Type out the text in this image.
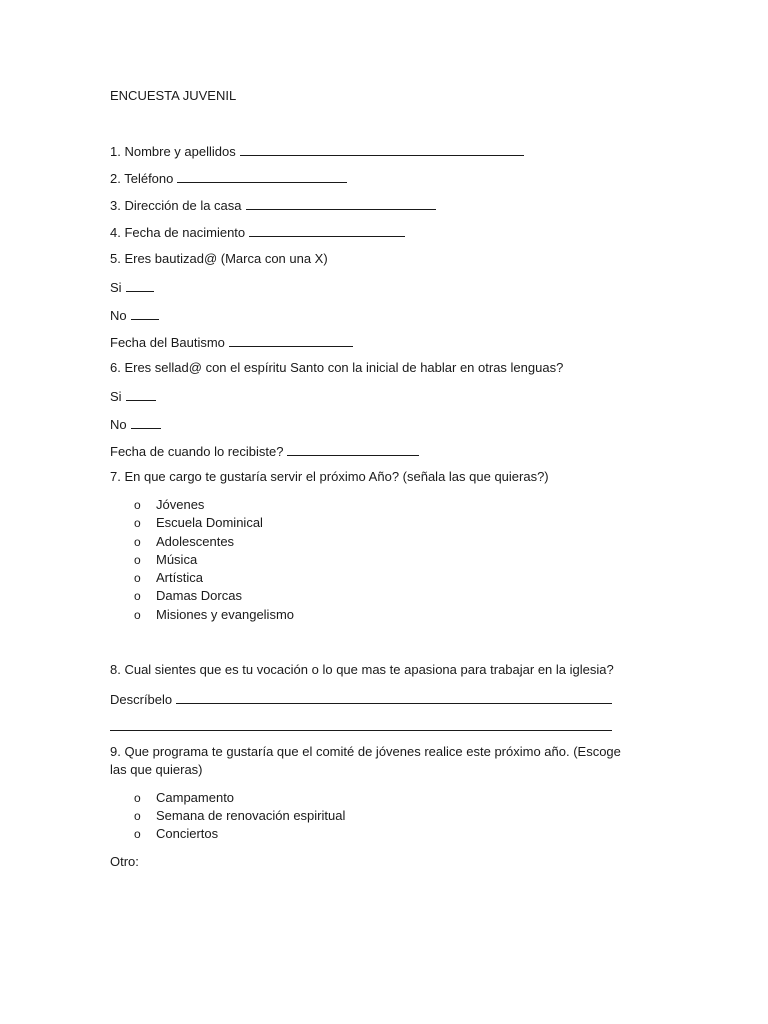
ENCUESTA JUVENIL
1. Nombre y apellidos
2. Teléfono
3. Dirección de la casa
4. Fecha de nacimiento
5. Eres bautizad@ (Marca con una X)
Si
No
Fecha del Bautismo
6. Eres sellad@ con el espíritu Santo con la inicial de hablar en otras lenguas?
Si
No
Fecha de cuando lo recibiste?
7. En que cargo te gustaría servir el próximo Año? (señala las que quieras?)
o Jóvenes
o Escuela Dominical
o Adolescentes
o Música
o Artística
o Damas Dorcas
o Misiones y evangelismo
8. Cual sientes que es tu vocación o lo que mas te apasiona para trabajar en la iglesia?
Descríbelo
9. Que programa te gustaría que el comité de jóvenes realice este próximo año. (Escoge las que quieras)
o Campamento
o Semana de renovación espiritual
o Conciertos
Otro:
